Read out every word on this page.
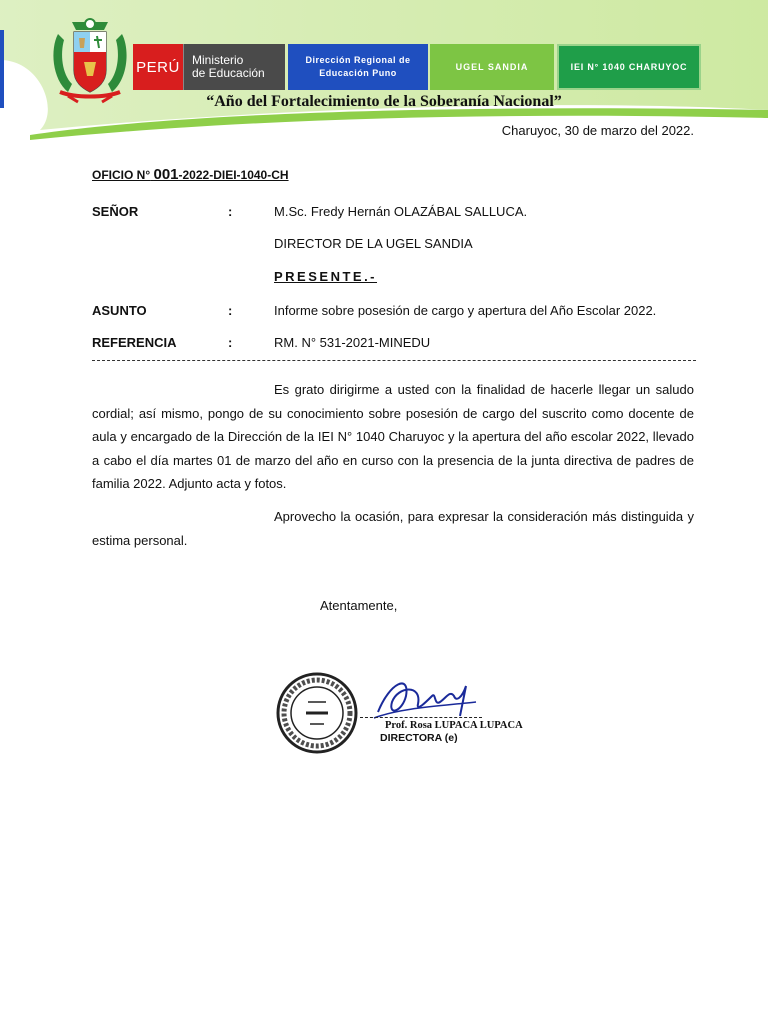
PERÚ Ministerio
de Educación
Dirección Regional de
Educación Puno
UGEL SANDIA	IEI N° 1040 CHARUYOC
“Año del Fortalecimiento de la Soberanía Nacional”
Charuyoc, 30 de marzo del 2022.
OFICIO N° 001-2022-DIEI-1040-CH
SEÑOR	:	M.Sc. Fredy Hernán OLAZÁBAL SALLUCA.
DIRECTOR DE LA UGEL SANDIA
PRESENTE.-
ASUNTO	:	Informe sobre posesión de cargo y apertura del Año Escolar 2022.
REFERENCIA	:	RM. N° 531-2021-MINEDU

Es grato dirigirme a usted con la finalidad de hacerle llegar un saludo cordial; así mismo, pongo de su conocimiento sobre posesión de cargo del suscrito como docente de aula y encargado de la Dirección de la IEI N° 1040 Charuyoc y la apertura del año escolar 2022, llevado a cabo el día martes 01 de marzo del año en curso con la presencia de la junta directiva de padres de familia 2022. Adjunto acta y fotos.

Aprovecho la ocasión, para expresar la consideración más distinguida y estima personal.

Atentamente,
Prof. Rosa LUPACA LUPACA
DIRECTORA (e)
